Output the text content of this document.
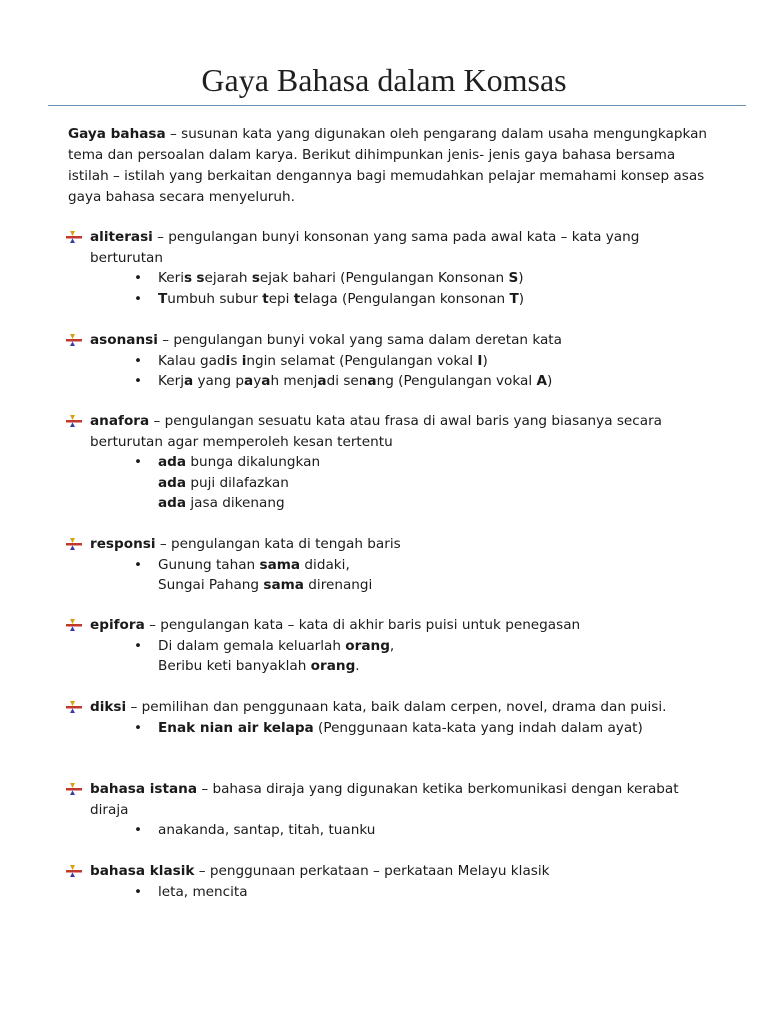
Gaya Bahasa dalam Komsas

Gaya bahasa – susunan kata yang digunakan oleh pengarang dalam usaha mengungkapkan tema dan persoalan dalam karya. Berikut dihimpunkan jenis- jenis gaya bahasa bersama istilah – istilah yang berkaitan dengannya bagi memudahkan pelajar memahami konsep asas gaya bahasa secara menyeluruh.

aliterasi – pengulangan bunyi konsonan yang sama pada awal kata – kata yang berturutan
• Keris sejarah sejak bahari (Pengulangan Konsonan S)
• Tumbuh subur tepi telaga (Pengulangan konsonan T)
asonansi – pengulangan bunyi vokal yang sama dalam deretan kata
• Kalau gadis ingin selamat (Pengulangan vokal I)
• Kerja yang payah menjadi senang (Pengulangan vokal A)
anafora – pengulangan sesuatu kata atau frasa di awal baris yang biasanya secara berturutan agar memperoleh kesan tertentu
• ada bunga dikalungkan
ada puji dilafazkan
ada jasa dikenang
responsi – pengulangan kata di tengah baris
• Gunung tahan sama didaki,
Sungai Pahang sama direnangi
epifora – pengulangan kata – kata di akhir baris puisi untuk penegasan
• Di dalam gemala keluarlah orang,
Beribu keti banyaklah orang.
diksi – pemilihan dan penggunaan kata, baik dalam cerpen, novel, drama dan puisi.
• Enak nian air kelapa (Penggunaan kata-kata yang indah dalam ayat)
bahasa istana – bahasa diraja yang digunakan ketika berkomunikasi dengan kerabat diraja
• anakanda, santap, titah, tuanku
bahasa klasik – penggunaan perkataan – perkataan Melayu klasik
• leta, mencita
